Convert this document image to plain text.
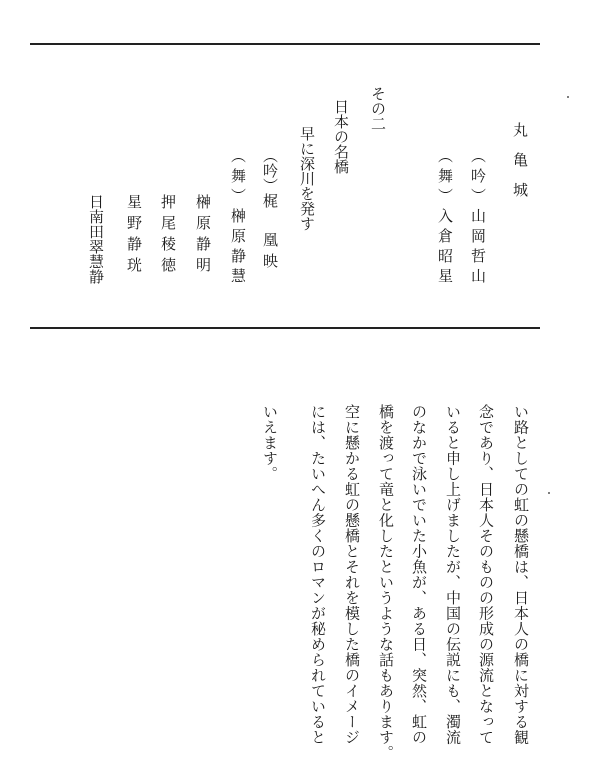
丸　亀　城
（吟）山岡哲山
（舞）入倉昭星
その二
日本の名橋
早に深川を発す
（吟）梶
凰映
（舞）榊原静慧
榊原静明
押尾稜徳
星野静珖
日南田翠慧静
い路としての虹の懸橋は、日本人の橋に対する観
念であり、日本人そのものの形成の源流となって
いると申し上げましたが、中国の伝説にも、濁流
のなかで泳いでいた小魚が、ある日、突然、虹の
橋を渡って竜と化したというような話もあります。
空に懸かる虹の懸橋とそれを模した橋のイメージ
には、たいへん多くのロマンが秘められていると
いえます。
